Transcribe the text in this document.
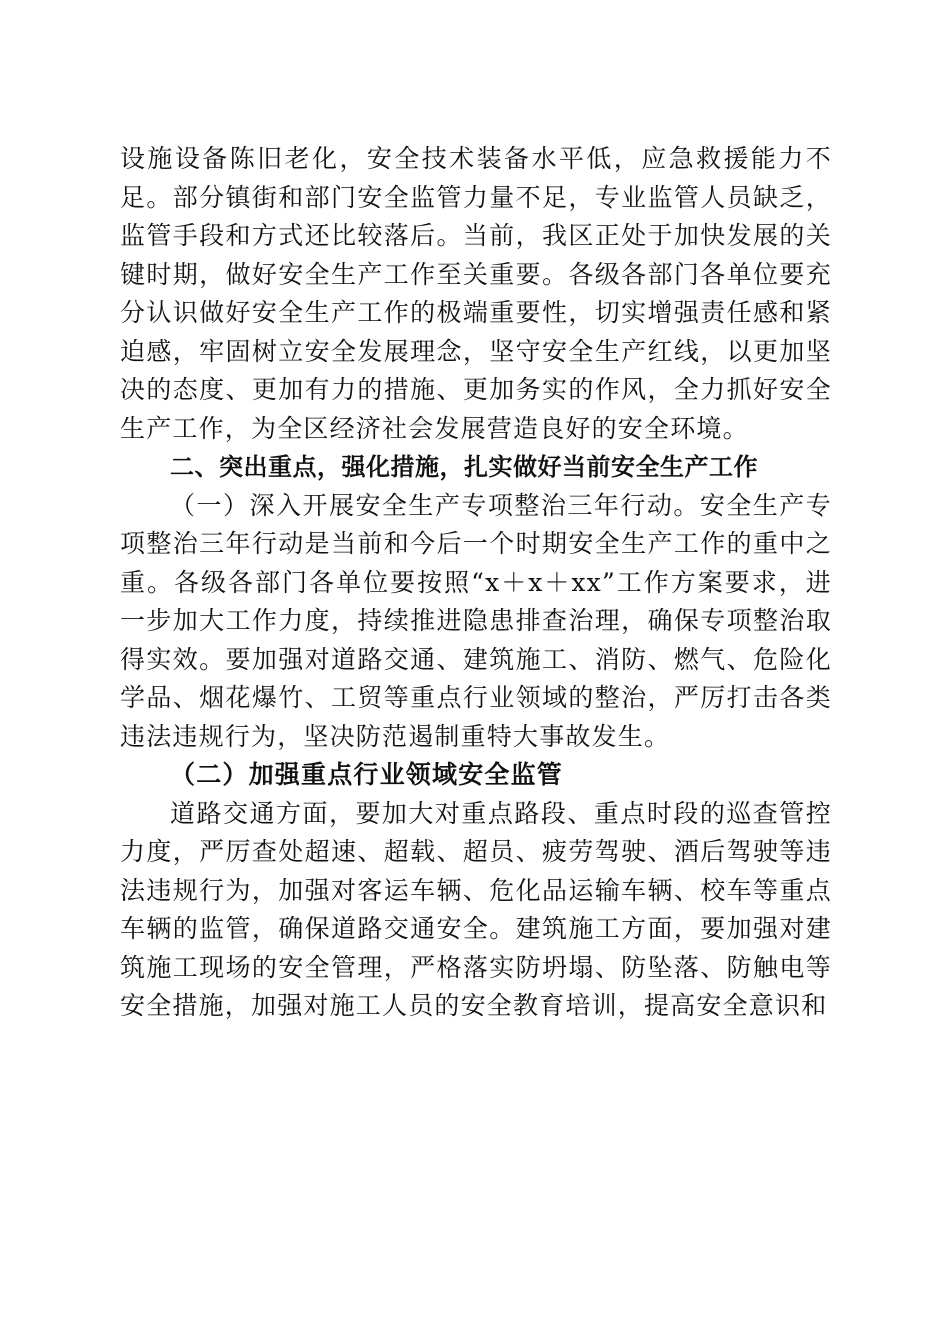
设施设备陈旧老化，安全技术装备水平低，应急救援能力不足。部分镇街和部门安全监管力量不足，专业监管人员缺乏，监管手段和方式还比较落后。当前，我区正处于加快发展的关键时期，做好安全生产工作至关重要。各级各部门各单位要充分认识做好安全生产工作的极端重要性，切实增强责任感和紧迫感，牢固树立安全发展理念，坚守安全生产红线，以更加坚决的态度、更加有力的措施、更加务实的作风，全力抓好安全生产工作，为全区经济社会发展营造良好的安全环境。

二、突出重点，强化措施，扎实做好当前安全生产工作

（一）深入开展安全生产专项整治三年行动。安全生产专项整治三年行动是当前和今后一个时期安全生产工作的重中之重。各级各部门各单位要按照“x＋x＋xx”工作方案要求，进一步加大工作力度，持续推进隐患排查治理，确保专项整治取得实效。要加强对道路交通、建筑施工、消防、燃气、危险化学品、烟花爆竹、工贸等重点行业领域的整治，严厉打击各类违法违规行为，坚决防范遏制重特大事故发生。

（二）加强重点行业领域安全监管

道路交通方面，要加大对重点路段、重点时段的巡查管控力度，严厉查处超速、超载、超员、疲劳驾驶、酒后驾驶等违法违规行为，加强对客运车辆、危化品运输车辆、校车等重点车辆的监管，确保道路交通安全。建筑施工方面，要加强对建筑施工现场的安全管理，严格落实防坍塌、防坠落、防触电等安全措施，加强对施工人员的安全教育培训，提高安全意识和
